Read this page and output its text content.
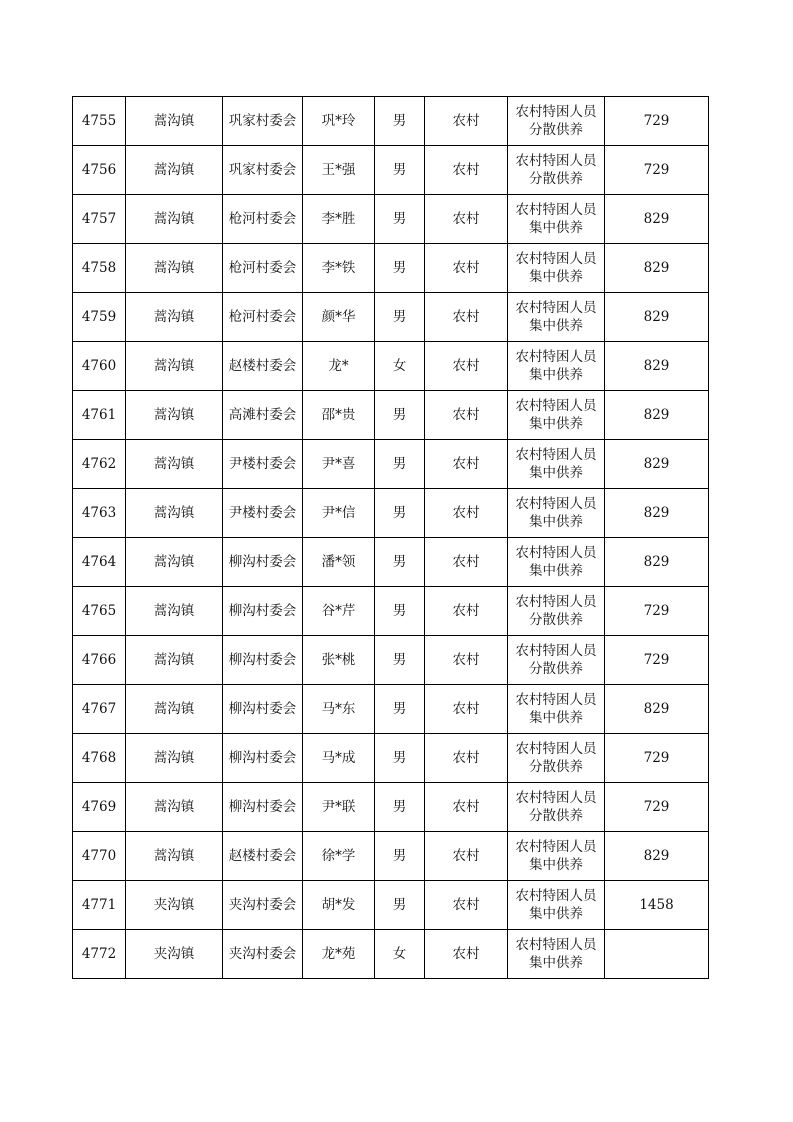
4755	蒿沟镇	巩家村委会	巩*玲	男	农村	农村特困人员分散供养	729
4756	蒿沟镇	巩家村委会	王*强	男	农村	农村特困人员分散供养	729
4757	蒿沟镇	枪河村委会	李*胜	男	农村	农村特困人员集中供养	829
4758	蒿沟镇	枪河村委会	李*铁	男	农村	农村特困人员集中供养	829
4759	蒿沟镇	枪河村委会	颜*华	男	农村	农村特困人员集中供养	829
4760	蒿沟镇	赵楼村委会	龙*	女	农村	农村特困人员集中供养	829
4761	蒿沟镇	高滩村委会	邵*贵	男	农村	农村特困人员集中供养	829
4762	蒿沟镇	尹楼村委会	尹*喜	男	农村	农村特困人员集中供养	829
4763	蒿沟镇	尹楼村委会	尹*信	男	农村	农村特困人员集中供养	829
4764	蒿沟镇	柳沟村委会	潘*领	男	农村	农村特困人员集中供养	829
4765	蒿沟镇	柳沟村委会	谷*芹	男	农村	农村特困人员分散供养	729
4766	蒿沟镇	柳沟村委会	张*桃	男	农村	农村特困人员分散供养	729
4767	蒿沟镇	柳沟村委会	马*东	男	农村	农村特困人员集中供养	829
4768	蒿沟镇	柳沟村委会	马*成	男	农村	农村特困人员分散供养	729
4769	蒿沟镇	柳沟村委会	尹*联	男	农村	农村特困人员分散供养	729
4770	蒿沟镇	赵楼村委会	徐*学	男	农村	农村特困人员集中供养	829
4771	夹沟镇	夹沟村委会	胡*发	男	农村	农村特困人员集中供养	1458
4772	夹沟镇	夹沟村委会	龙*苑	女	农村	农村特困人员集中供养	
